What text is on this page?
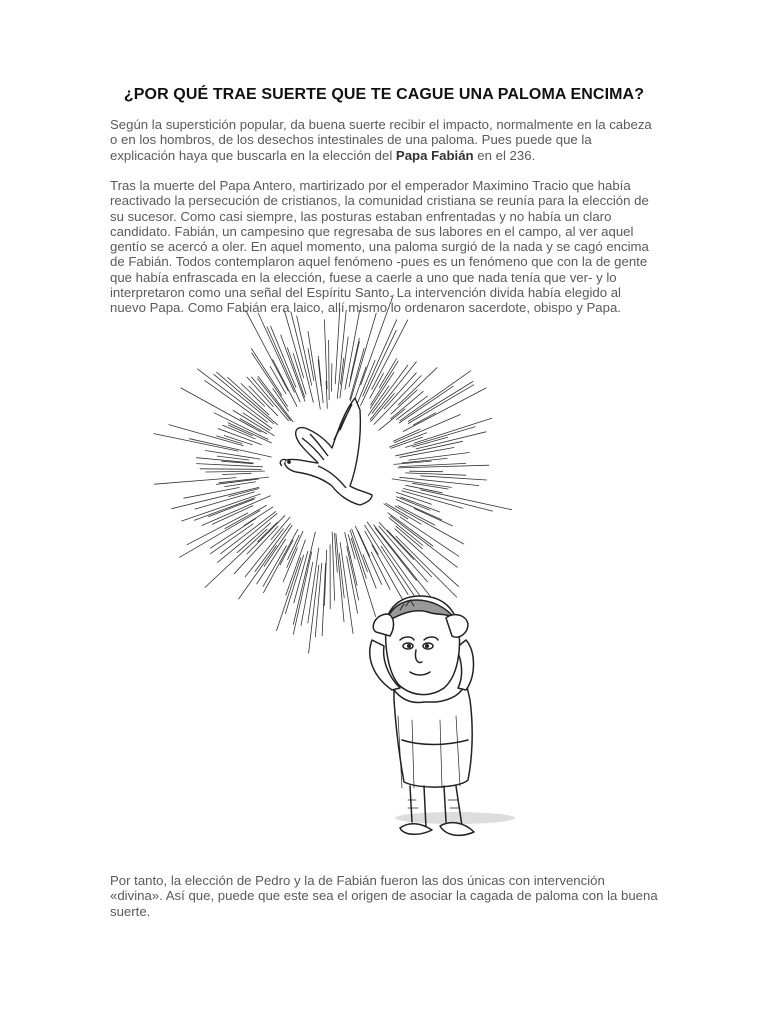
¿POR QUÉ TRAE SUERTE QUE TE CAGUE UNA PALOMA ENCIMA?

Según la superstición popular, da buena suerte recibir el impacto, normalmente en la cabeza o en los hombros, de los desechos intestinales de una paloma. Pues puede que la explicación haya que buscarla en la elección del Papa Fabián en el 236.

Tras la muerte del Papa Antero, martirizado por el emperador Maximino Tracio que había reactivado la persecución de cristianos, la comunidad cristiana se reunía para la elección de su sucesor. Como casi siempre, las posturas estaban enfrentadas y no había un claro candidato. Fabián, un campesino que regresaba de sus labores en el campo, al ver aquel gentío se acercó a oler. En aquel momento, una paloma surgió de la nada y se cagó encima de Fabián. Todos contemplaron aquel fenómeno -pues es un fenómeno que con la de gente que había enfrascada en la elección, fuese a caerle a uno que nada tenía que ver- y lo interpretaron como una señal del Espíritu Santo. La intervención divida había elegido al nuevo Papa. Como Fabián era laico, allí mismo lo ordenaron sacerdote, obispo y Papa.

Por tanto, la elección de Pedro y la de Fabián fueron las dos únicas con intervención «divina». Así que, puede que este sea el origen de asociar la cagada de paloma con la buena suerte.
